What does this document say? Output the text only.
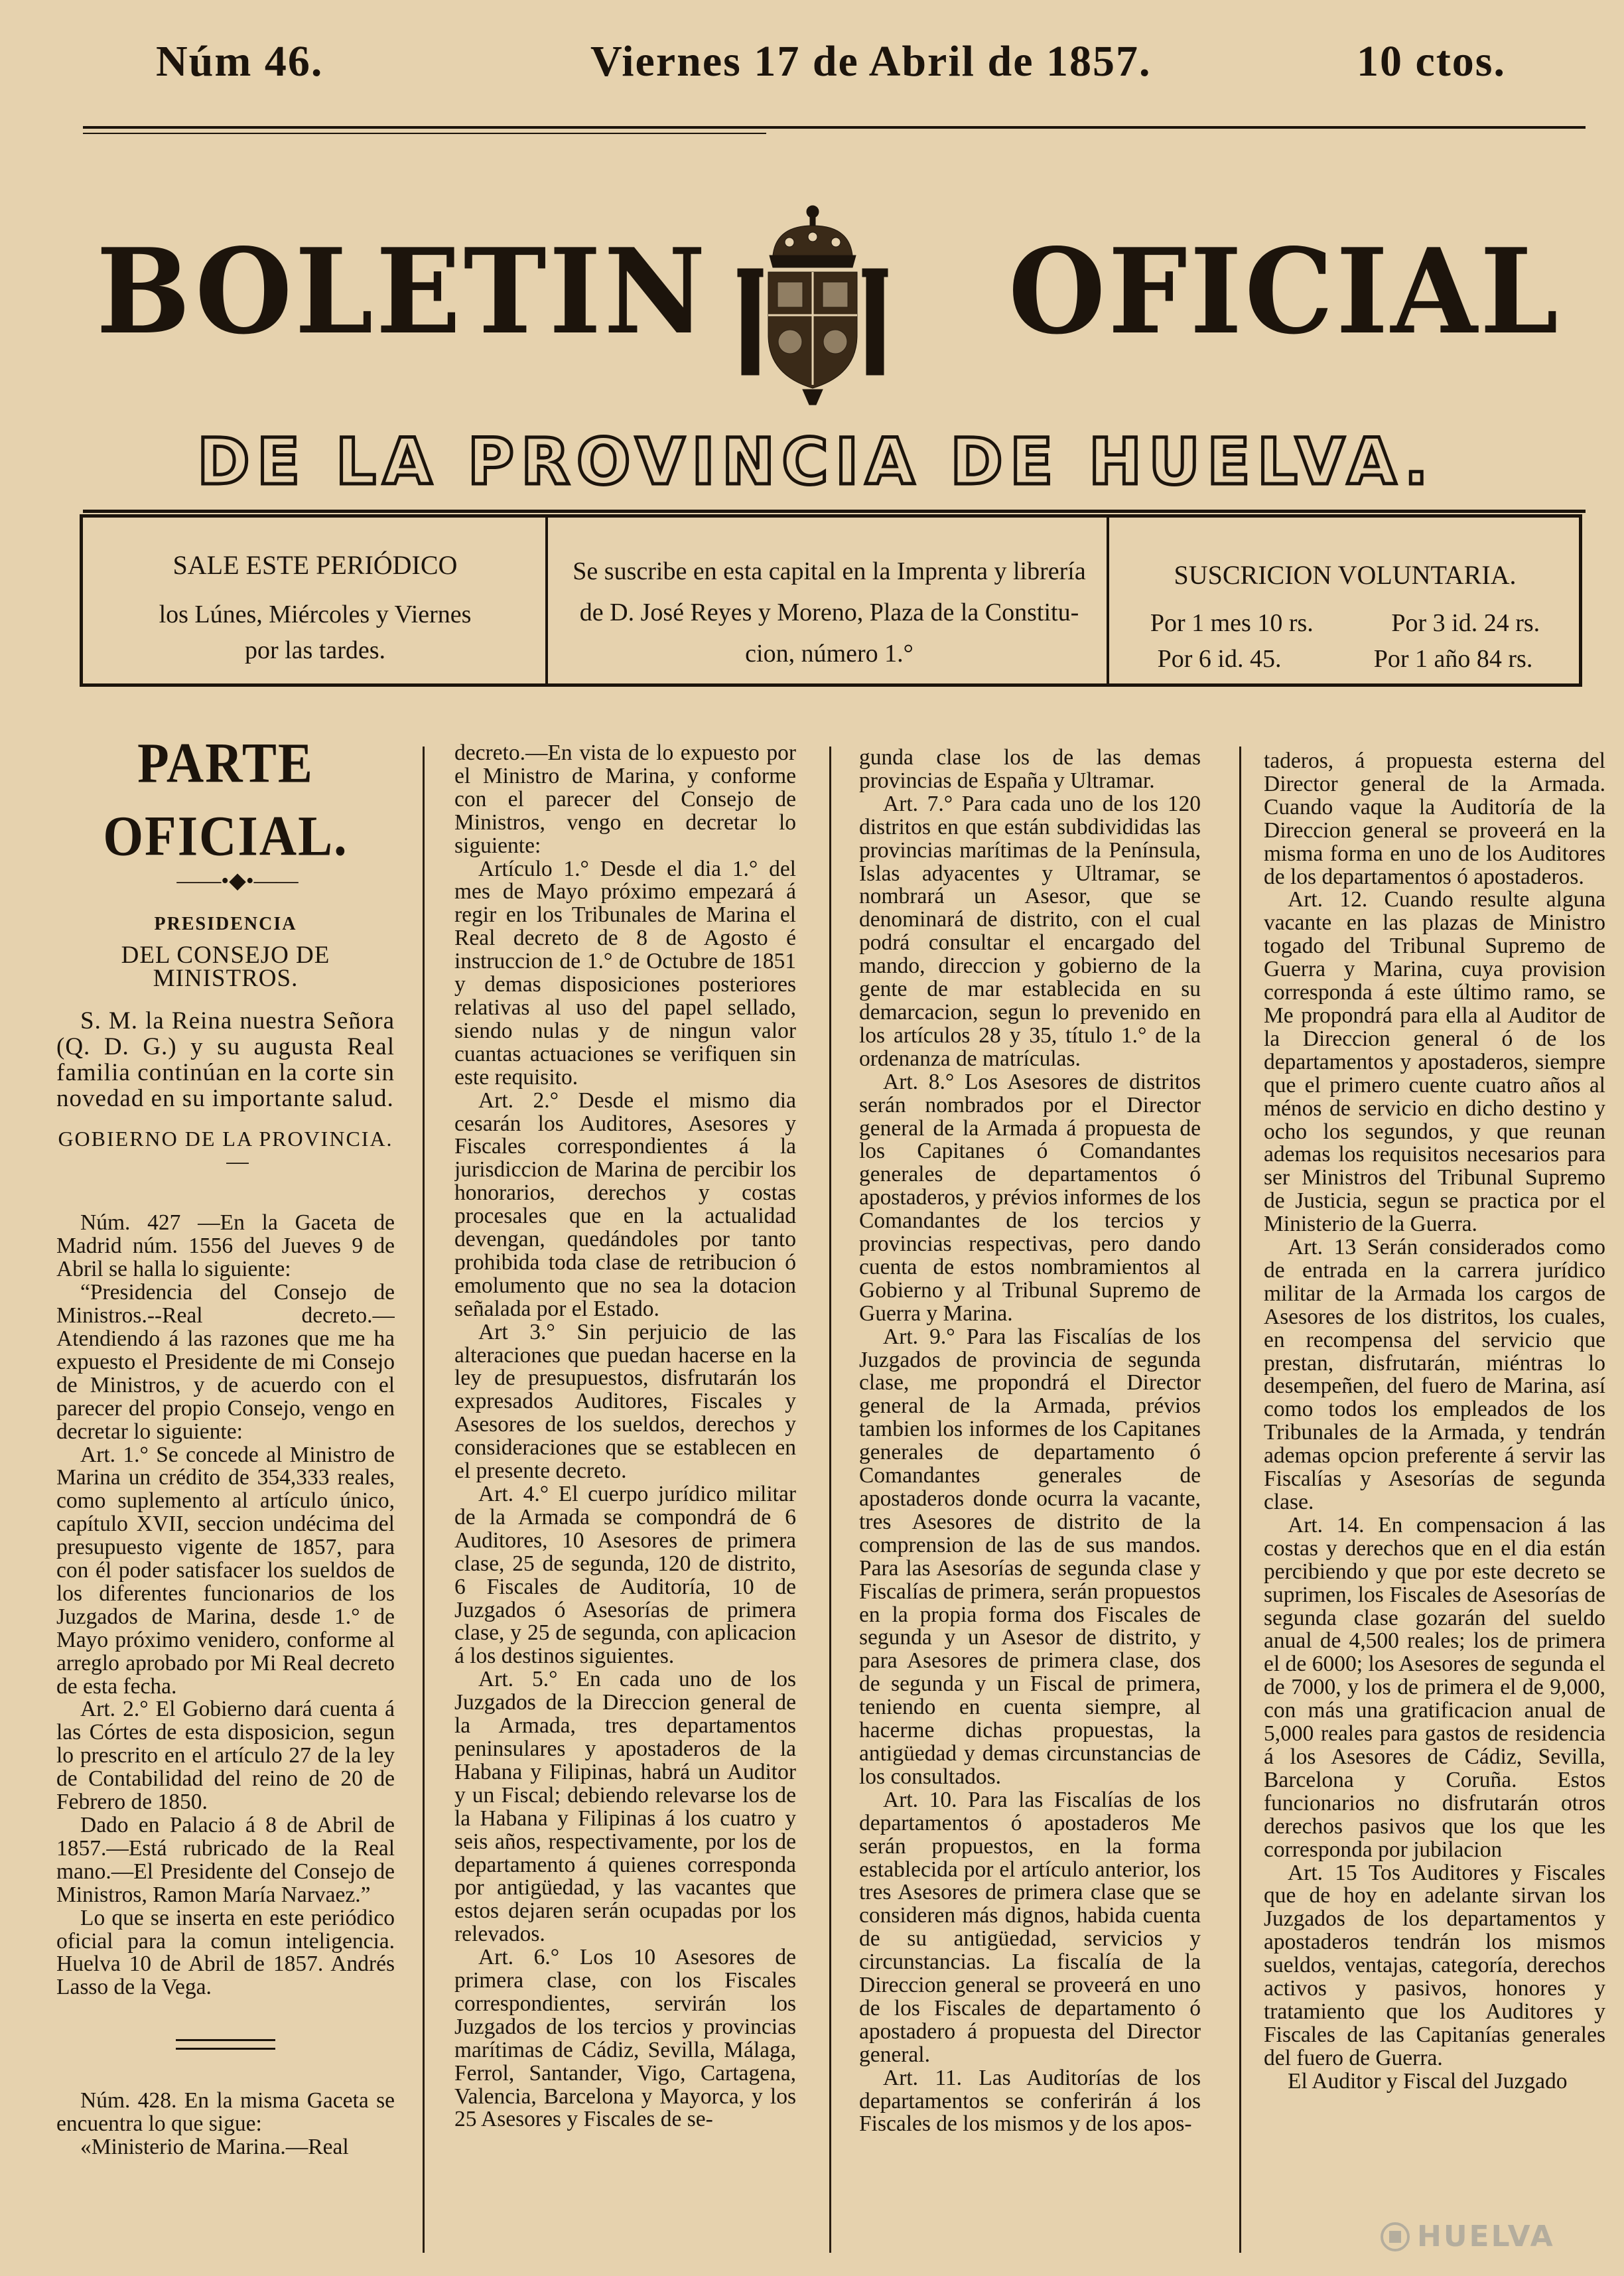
Núm 46.	Viernes 17 de Abril de 1857.	10 ctos.
BOLETIN	OFICIAL
DE LA PROVINCIA DE HUELVA.
SALE ESTE PERIÓDICO
los Lúnes, Miércoles y Viernes
por las tardes.
Se suscribe en esta capital en la Imprenta y librería
de D. José Reyes y Moreno, Plaza de la Constitu-
cion, número 1.°
SUSCRICION VOLUNTARIA.
Por 1 mes 10 rs.	Por 3 id. 24 rs.
Por 6 id. 45.	Por 1 año 84 rs.

PARTE OFICIAL.

——•◆•——

PRESIDENCIA

DEL CONSEJO DE MINISTROS.

S. M. la Reina nuestra Señora (Q. D. G.) y su augusta Real familia continúan en la corte sin novedad en su importante salud.

GOBIERNO DE LA PROVINCIA.

—

Núm. 427 —En la Gaceta de Madrid núm. 1556 del Jueves 9 de Abril se halla lo siguiente:

“Presidencia del Consejo de Ministros.--Real decreto.—Atendiendo á las razones que me ha expuesto el Presidente de mi Consejo de Ministros, y de acuerdo con el parecer del propio Consejo, vengo en decretar lo siguiente:

Art. 1.° Se concede al Ministro de Marina un crédito de 354,333 reales, como suplemento al artículo único, capítulo XVII, seccion undécima del presupuesto vigente de 1857, para con él poder satisfacer los sueldos de los diferentes funcionarios de los Juzgados de Marina, desde 1.° de Mayo próximo venidero, conforme al arreglo aprobado por Mi Real decreto de esta fecha.

Art. 2.° El Gobierno dará cuenta á las Córtes de esta disposicion, segun lo prescrito en el artículo 27 de la ley de Contabilidad del reino de 20 de Febrero de 1850.

Dado en Palacio á 8 de Abril de 1857.—Está rubricado de la Real mano.—El Presidente del Consejo de Ministros, Ramon María Narvaez.”

Lo que se inserta en este periódico oficial para la comun inteligencia. Huelva 10 de Abril de 1857. Andrés Lasso de la Vega.

Núm. 428. En la misma Gaceta se encuentra lo que sigue:

«Ministerio de Marina.—Real

decreto.—En vista de lo expuesto por el Ministro de Marina, y conforme con el parecer del Consejo de Ministros, vengo en decretar lo siguiente:

Artículo 1.° Desde el dia 1.° del mes de Mayo próximo empezará á regir en los Tribunales de Marina el Real decreto de 8 de Agosto é instruccion de 1.° de Octubre de 1851 y demas disposiciones posteriores relativas al uso del papel sellado, siendo nulas y de ningun valor cuantas actuaciones se verifiquen sin este requisito.

Art. 2.° Desde el mismo dia cesarán los Auditores, Asesores y Fiscales correspondientes á la jurisdiccion de Marina de percibir los honorarios, derechos y costas procesales que en la actualidad devengan, quedándoles por tanto prohibida toda clase de retribucion ó emolumento que no sea la dotacion señalada por el Estado.

Art 3.° Sin perjuicio de las alteraciones que puedan hacerse en la ley de presupuestos, disfrutarán los expresados Auditores, Fiscales y Asesores de los sueldos, derechos y consideraciones que se establecen en el presente decreto.

Art. 4.° El cuerpo jurídico militar de la Armada se compondrá de 6 Auditores, 10 Asesores de primera clase, 25 de segunda, 120 de distrito, 6 Fiscales de Auditoría, 10 de Juzgados ó Asesorías de primera clase, y 25 de segunda, con aplicacion á los destinos siguientes.

Art. 5.° En cada uno de los Juzgados de la Direccion general de la Armada, tres departamentos peninsulares y apostaderos de la Habana y Filipinas, habrá un Auditor y un Fiscal; debiendo relevarse los de la Habana y Filipinas á los cuatro y seis años, respectivamente, por los de departamento á quienes corresponda por antigüedad, y las vacantes que estos dejaren serán ocupadas por los relevados.

Art. 6.° Los 10 Asesores de primera clase, con los Fiscales correspondientes, servirán los Juzgados de los tercios y provincias marítimas de Cádiz, Sevilla, Málaga, Ferrol, Santander, Vigo, Cartagena, Valencia, Barcelona y Mayorca, y los 25 Asesores y Fiscales de se-

gunda clase los de las demas provincias de España y Ultramar.

Art. 7.° Para cada uno de los 120 distritos en que están subdivididas las provincias marítimas de la Península, Islas adyacentes y Ultramar, se nombrará un Asesor, que se denominará de distrito, con el cual podrá consultar el encargado del mando, direccion y gobierno de la gente de mar establecida en su demarcacion, segun lo prevenido en los artículos 28 y 35, título 1.° de la ordenanza de matrículas.

Art. 8.° Los Asesores de distritos serán nombrados por el Director general de la Armada á propuesta de los Capitanes ó Comandantes generales de departamentos ó apostaderos, y prévios informes de los Comandantes de los tercios y provincias respectivas, pero dando cuenta de estos nombramientos al Gobierno y al Tribunal Supremo de Guerra y Marina.

Art. 9.° Para las Fiscalías de los Juzgados de provincia de segunda clase, me propondrá el Director general de la Armada, prévios tambien los informes de los Capitanes generales de departamento ó Comandantes generales de apostaderos donde ocurra la vacante, tres Asesores de distrito de la comprension de las de sus mandos. Para las Asesorías de segunda clase y Fiscalías de primera, serán propuestos en la propia forma dos Fiscales de segunda y un Asesor de distrito, y para Asesores de primera clase, dos de segunda y un Fiscal de primera, teniendo en cuenta siempre, al hacerme dichas propuestas, la antigüedad y demas circunstancias de los consultados.

Art. 10. Para las Fiscalías de los departamentos ó apostaderos Me serán propuestos, en la forma establecida por el artículo anterior, los tres Asesores de primera clase que se consideren más dignos, habida cuenta de su antigüedad, servicios y circunstancias. La fiscalía de la Direccion general se proveerá en uno de los Fiscales de departamento ó apostadero á propuesta del Director general.

Art. 11. Las Auditorías de los departamentos se conferirán á los Fiscales de los mismos y de los apos-

taderos, á propuesta esterna del Director general de la Armada. Cuando vaque la Auditoría de la Direccion general se proveerá en la misma forma en uno de los Auditores de los departamentos ó apostaderos.

Art. 12. Cuando resulte alguna vacante en las plazas de Ministro togado del Tribunal Supremo de Guerra y Marina, cuya provision corresponda á este último ramo, se Me propondrá para ella al Auditor de la Direccion general ó de los departamentos y apostaderos, siempre que el primero cuente cuatro años al ménos de servicio en dicho destino y ocho los segundos, y que reunan ademas los requisitos necesarios para ser Ministros del Tribunal Supremo de Justicia, segun se practica por el Ministerio de la Guerra.

Art. 13 Serán considerados como de entrada en la carrera jurídico militar de la Armada los cargos de Asesores de los distritos, los cuales, en recompensa del servicio que prestan, disfrutarán, miéntras lo desempeñen, del fuero de Marina, así como todos los empleados de los Tribunales de la Armada, y tendrán ademas opcion preferente á servir las Fiscalías y Asesorías de segunda clase.

Art. 14. En compensacion á las costas y derechos que en el dia están percibiendo y que por este decreto se suprimen, los Fiscales de Asesorías de segunda clase gozarán del sueldo anual de 4,500 reales; los de primera el de 6000; los Asesores de segunda el de 7000, y los de primera el de 9,000, con más una gratificacion anual de 5,000 reales para gastos de residencia á los Asesores de Cádiz, Sevilla, Barcelona y Coruña. Estos funcionarios no disfrutarán otros derechos pasivos que los que les corresponda por jubilacion

Art. 15 Tos Auditores y Fiscales que de hoy en adelante sirvan los Juzgados de los departamentos y apostaderos tendrán los mismos sueldos, ventajas, categoría, derechos activos y pasivos, honores y tratamiento que los Auditores y Fiscales de las Capitanías generales del fuero de Guerra.

El Auditor y Fiscal del Juzgado

HUELVA
